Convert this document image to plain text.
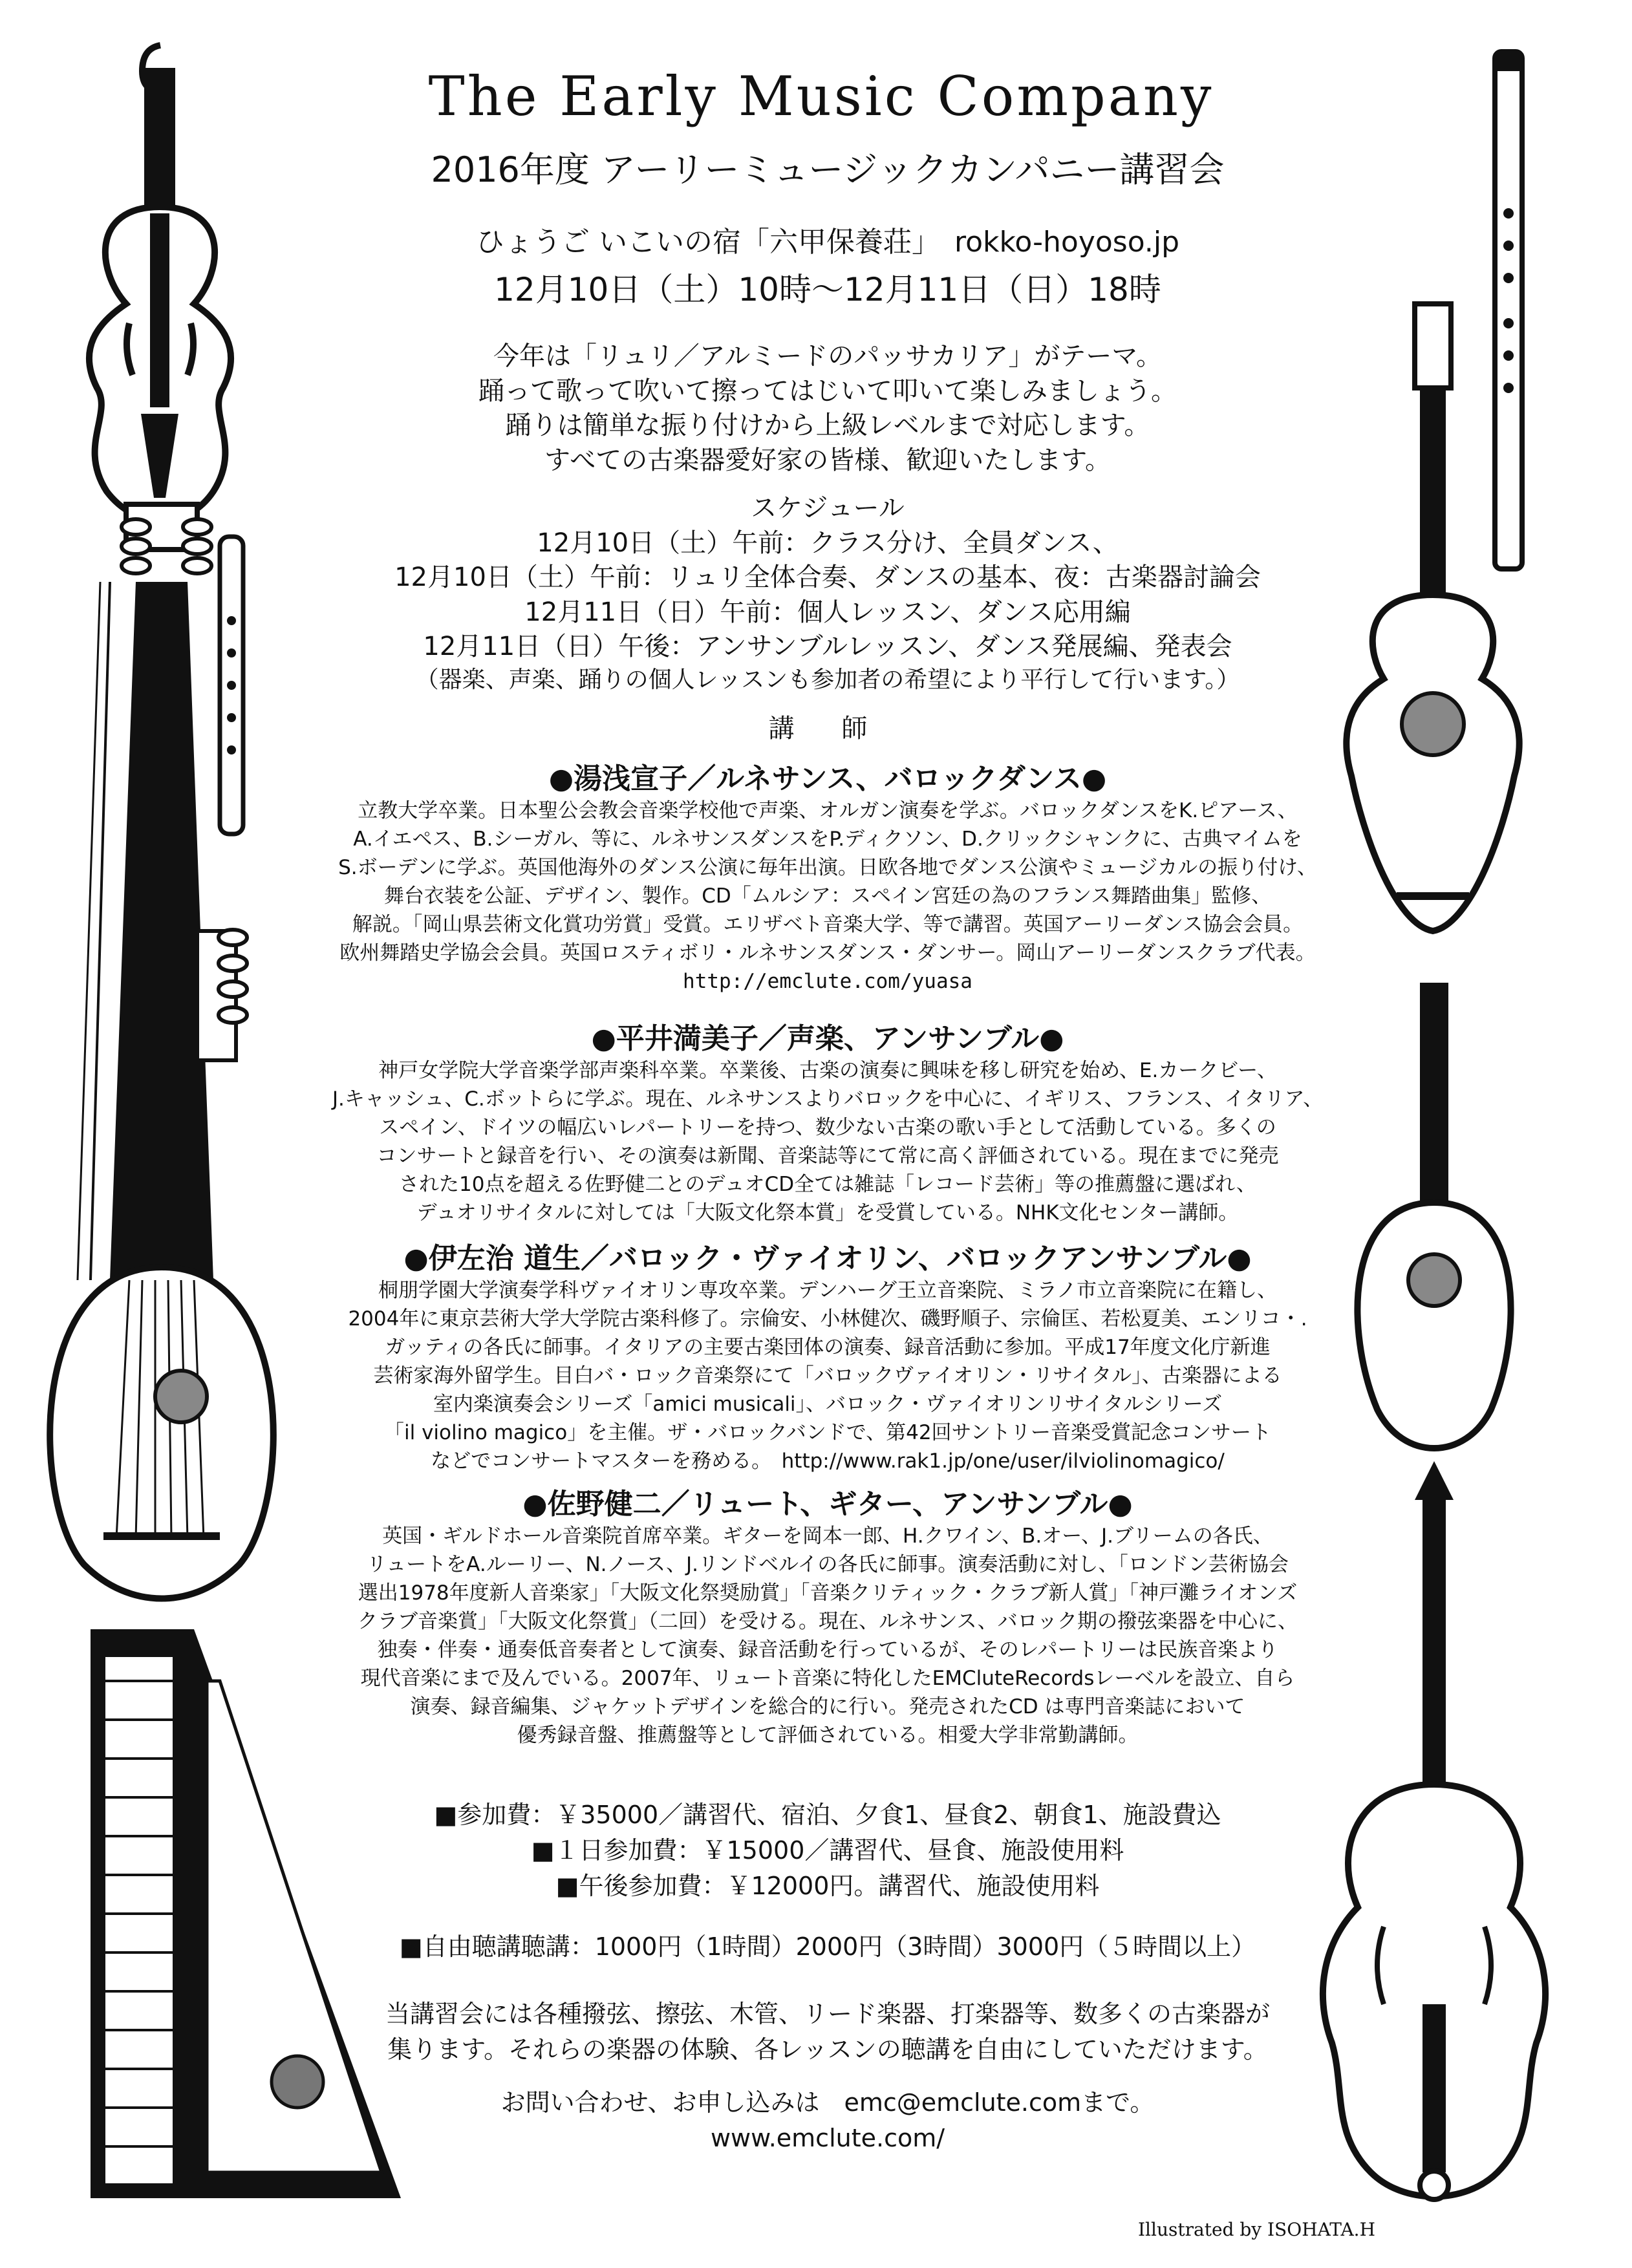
The Early Music Company
2016年度 アーリーミュージックカンパニー講習会
ひょうご いこいの宿「六甲保養荘」　rokko-hoyoso.jp
12月10日（土）10時～12月11日（日）18時
今年は「リュリ／アルミードのパッサカリア」がテーマ。
踊って歌って吹いて擦ってはじいて叩いて楽しみましょう。
踊りは簡単な振り付けから上級レベルまで対応します。
すべての古楽器愛好家の皆様、歓迎いたします。
スケジュール
12月10日（土）午前：クラス分け、全員ダンス、
12月10日（土）午前：リュリ全体合奏、ダンスの基本、夜：古楽器討論会
12月11日（日）午前：個人レッスン、ダンス応用編
12月11日（日）午後：アンサンブルレッスン、ダンス発展編、発表会
（器楽、声楽、踊りの個人レッスンも参加者の希望により平行して行います。）
講 師
●湯浅宣子／ルネサンス、バロックダンス●
立教大学卒業。日本聖公会教会音楽学校他で声楽、オルガン演奏を学ぶ。バロックダンスをK.ピアース、
A.イエペス、B.シーガル、等に、ルネサンスダンスをP.ディクソン、D.クリックシャンクに、古典マイムを
S.ボーデンに学ぶ。英国他海外のダンス公演に毎年出演。日欧各地でダンス公演やミュージカルの振り付け、
舞台衣装を公証、デザイン、製作。CD「ムルシア：スペイン宮廷の為のフランス舞踏曲集」監修、
解説。「岡山県芸術文化賞功労賞」受賞。エリザベト音楽大学、等で講習。英国アーリーダンス協会会員。
欧州舞踏史学協会会員。英国ロスティボリ・ルネサンスダンス・ダンサー。岡山アーリーダンスクラブ代表。
http://emclute.com/yuasa
●平井満美子／声楽、アンサンブル●
神戸女学院大学音楽学部声楽科卒業。卒業後、古楽の演奏に興味を移し研究を始め、E.カークビー、
J.キャッシュ、C.ボットらに学ぶ。現在、ルネサンスよりバロックを中心に、イギリス、フランス、イタリア、
スペイン、ドイツの幅広いレパートリーを持つ、数少ない古楽の歌い手として活動している。多くの
コンサートと録音を行い、その演奏は新聞、音楽誌等にて常に高く評価されている。現在までに発売
された10点を超える佐野健二とのデュオCD全ては雑誌「レコード芸術」等の推薦盤に選ばれ、
デュオリサイタルに対しては「大阪文化祭本賞」を受賞している。NHK文化センター講師。
●伊左治 道生／バロック・ヴァイオリン、バロックアンサンブル●
桐朋学園大学演奏学科ヴァイオリン専攻卒業。デンハーグ王立音楽院、ミラノ市立音楽院に在籍し、
2004年に東京芸術大学大学院古楽科修了。宗倫安、小林健次、磯野順子、宗倫匡、若松夏美、エンリコ・.
ガッティの各氏に師事。イタリアの主要古楽団体の演奏、録音活動に参加。平成17年度文化庁新進
芸術家海外留学生。目白バ・ロック音楽祭にて「バロックヴァイオリン・リサイタル」、古楽器による
室内楽演奏会シリーズ「amici musicali」、バロック・ヴァイオリンリサイタルシリーズ
「il violino magico」を主催。ザ・バロックバンドで、第42回サントリー音楽受賞記念コンサート
などでコンサートマスターを務める。　http://www.rak1.jp/one/user/ilviolinomagico/
●佐野健二／リュート、ギター、アンサンブル●
英国・ギルドホール音楽院首席卒業。ギターを岡本一郎、H.クワイン、B.オー、J.ブリームの各氏、
リュートをA.ルーリー、N.ノース、J.リンドベルイの各氏に師事。演奏活動に対し、「ロンドン芸術協会
選出1978年度新人音楽家」「大阪文化祭奨励賞」「音楽クリティック・クラブ新人賞」「神戸灘ライオンズ
クラブ音楽賞」「大阪文化祭賞」（二回）を受ける。現在、ルネサンス、バロック期の撥弦楽器を中心に、
独奏・伴奏・通奏低音奏者として演奏、録音活動を行っているが、そのレパートリーは民族音楽より
現代音楽にまで及んでいる。2007年、リュート音楽に特化したEMCluteRecordsレーベルを設立、自ら
演奏、録音編集、ジャケットデザインを総合的に行い。発売されたCD は専門音楽誌において
優秀録音盤、推薦盤等として評価されている。相愛大学非常勤講師。
■参加費：￥35000／講習代、宿泊、夕食1、昼食2、朝食1、施設費込
■１日参加費：￥15000／講習代、昼食、施設使用料
■午後参加費：￥12000円。講習代、施設使用料
■自由聴講聴講：1000円（1時間）2000円（3時間）3000円（５時間以上）
当講習会には各種撥弦、擦弦、木管、リード楽器、打楽器等、数多くの古楽器が
集ります。それらの楽器の体験、各レッスンの聴講を自由にしていただけます。
お問い合わせ、お申し込みは　emc@emclute.comまで。
www.emclute.com/
Illustrated by ISOHATA.H
